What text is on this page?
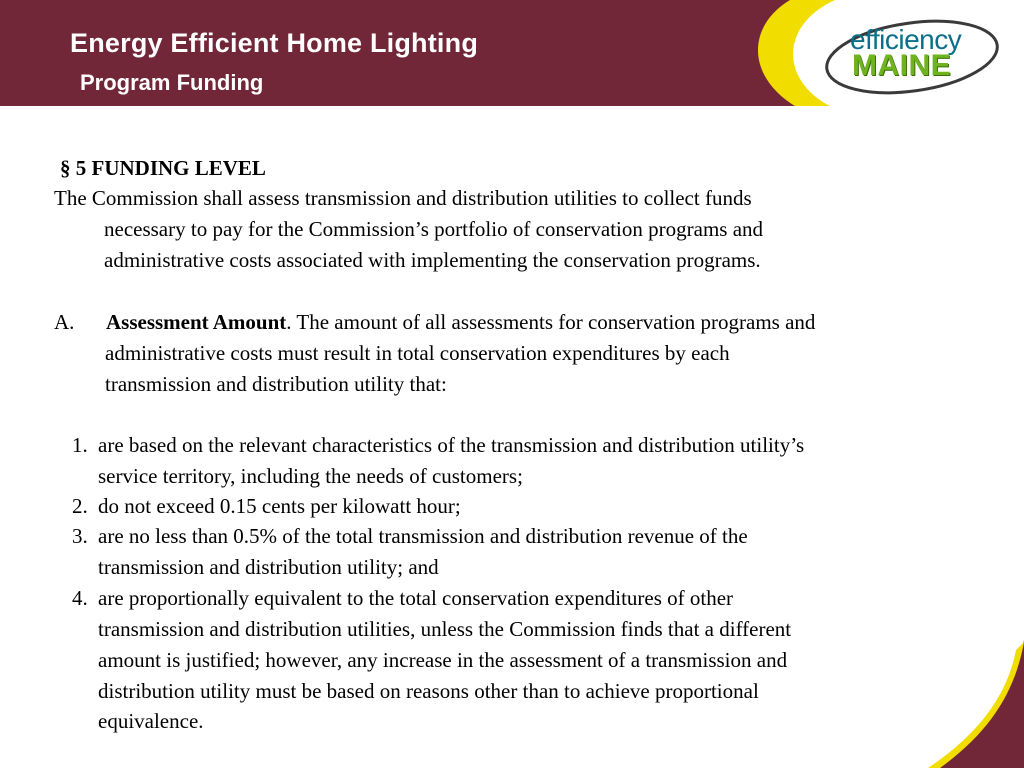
Energy Efficient Home Lighting
Program Funding
efficiency
MAINE
§ 5 FUNDING LEVEL
The Commission shall assess transmission and distribution utilities to collect funds
necessary to pay for the Commission’s portfolio of conservation programs and
administrative costs associated with implementing the conservation programs.
A. Assessment Amount. The amount of all assessments for conservation programs and
administrative costs must result in total conservation expenditures by each
transmission and distribution utility that:
1. are based on the relevant characteristics of the transmission and distribution utility’s
service territory, including the needs of customers;
2. do not exceed 0.15 cents per kilowatt hour;
3. are no less than 0.5% of the total transmission and distribution revenue of the
transmission and distribution utility; and
4. are proportionally equivalent to the total conservation expenditures of other
transmission and distribution utilities, unless the Commission finds that a different
amount is justified; however, any increase in the assessment of a transmission and
distribution utility must be based on reasons other than to achieve proportional
equivalence.
